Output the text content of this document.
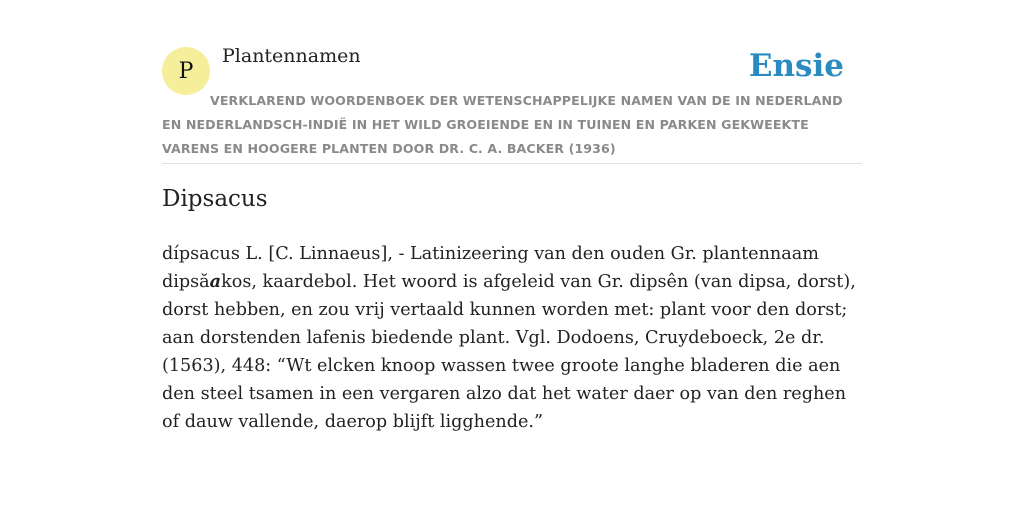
P
Plantennamen	Ensie
VERKLAREND WOORDENBOEK DER WETENSCHAPPELIJKE NAMEN VAN DE IN NEDERLAND EN NEDERLANDSCH-INDIË IN HET WILD GROEIENDE EN IN TUINEN EN PARKEN GEKWEEKTE VARENS EN HOOGERE PLANTEN DOOR DR. C. A. BACKER (1936)
Dipsacus
dípsacus L. [C. Linnaeus], - Latinizeering van den ouden Gr. plantennaam dipsăakos, kaardebol. Het woord is afgeleid van Gr. dipsên (van dipsa, dorst), dorst hebben, en zou vrij vertaald kunnen worden met: plant voor den dorst; aan dorstenden lafenis biedende plant. Vgl. Dodoens, Cruydeboeck, 2e dr. (1563), 448: “Wt elcken knoop wassen twee groote langhe bladeren die aen den steel tsamen in een vergaren alzo dat het water daer op van den reghen of dauw vallende, daerop blijft ligghende.”
